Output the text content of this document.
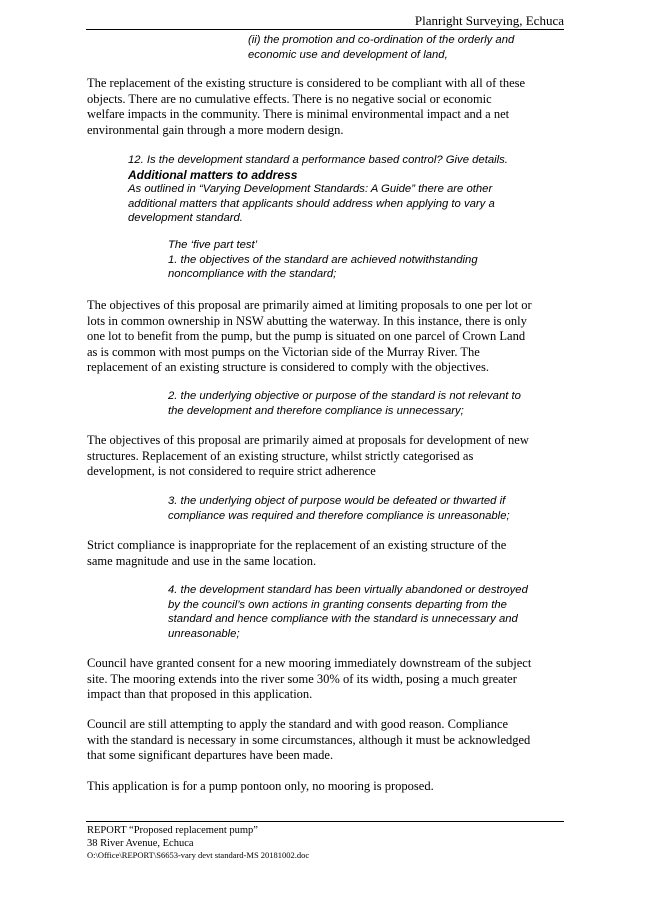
Planright Surveying, Echuca
(ii) the promotion and co-ordination of the orderly and
economic use and development of land,
The replacement of the existing structure is considered to be compliant with all of these
objects. There are no cumulative effects. There is no negative social or economic
welfare impacts in the community. There is minimal environmental impact and a net
environmental gain through a more modern design.
12. Is the development standard a performance based control? Give details.
Additional matters to address
As outlined in “Varying Development Standards: A Guide” there are other
additional matters that applicants should address when applying to vary a
development standard.
The ‘five part test’
1. the objectives of the standard are achieved notwithstanding
noncompliance with the standard;
The objectives of this proposal are primarily aimed at limiting proposals to one per lot or
lots in common ownership in NSW abutting the waterway. In this instance, there is only
one lot to benefit from the pump, but the pump is situated on one parcel of Crown Land
as is common with most pumps on the Victorian side of the Murray River. The
replacement of an existing structure is considered to comply with the objectives.
2. the underlying objective or purpose of the standard is not relevant to
the development and therefore compliance is unnecessary;
The objectives of this proposal are primarily aimed at proposals for development of new
structures. Replacement of an existing structure, whilst strictly categorised as
development, is not considered to require strict adherence
3. the underlying object of purpose would be defeated or thwarted if
compliance was required and therefore compliance is unreasonable;
Strict compliance is inappropriate for the replacement of an existing structure of the
same magnitude and use in the same location.
4. the development standard has been virtually abandoned or destroyed
by the council’s own actions in granting consents departing from the
standard and hence compliance with the standard is unnecessary and
unreasonable;
Council have granted consent for a new mooring immediately downstream of the subject
site. The mooring extends into the river some 30% of its width, posing a much greater
impact than that proposed in this application.
Council are still attempting to apply the standard and with good reason. Compliance
with the standard is necessary in some circumstances, although it must be acknowledged
that some significant departures have been made.
This application is for a pump pontoon only, no mooring is proposed.
REPORT “Proposed replacement pump”
38 River Avenue, Echuca
O:\Office\REPORT\S6653-vary devt standard-MS 20181002.doc
